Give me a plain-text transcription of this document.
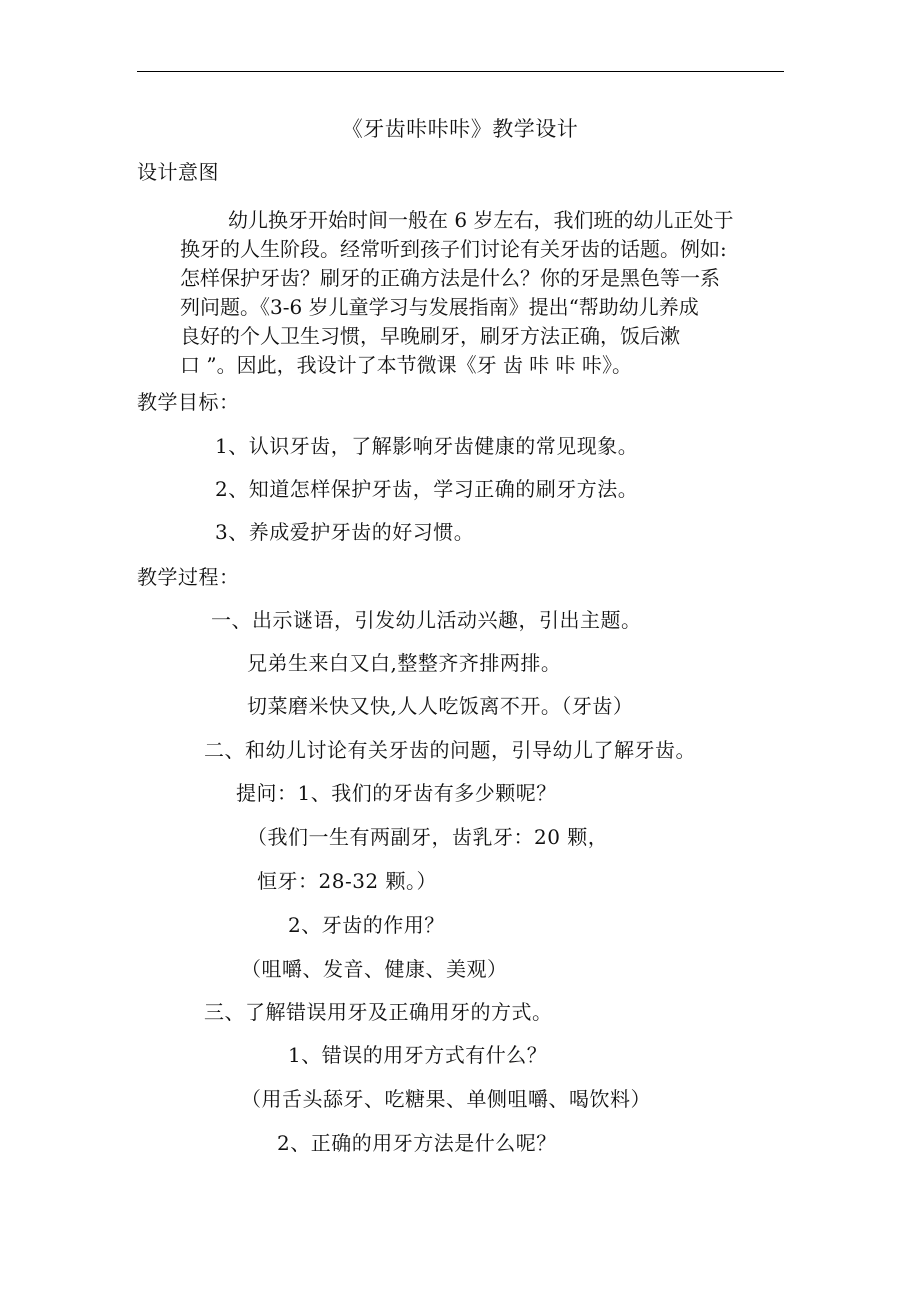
《牙齿咔咔咔》教学设计
设计意图
幼儿换牙开始时间一般在 6 岁左右，我们班的幼儿正处于
换牙的人生阶段。经常听到孩子们讨论有关牙齿的话题。例如:
怎样保护牙齿？刷牙的正确方法是什么？你的牙是黑色等一系
列问题。《3-6 岁儿童学习与发展指南》提出“帮助幼儿养成
良好的个人卫生习惯，早晚刷牙，刷牙方法正确，饭后漱
口 ”。因此，我设计了本节微课《牙 齿 咔 咔 咔》。
教学目标：
1、认识牙齿，了解影响牙齿健康的常见现象。
2、知道怎样保护牙齿，学习正确的刷牙方法。
3、养成爱护牙齿的好习惯。
教学过程：
一、出示谜语，引发幼儿活动兴趣，引出主题。
兄弟生来白又白,整整齐齐排两排。
切菜磨米快又快,人人吃饭离不开。（牙齿）
二、和幼儿讨论有关牙齿的问题，引导幼儿了解牙齿。
提问：1、我们的牙齿有多少颗呢？
（我们一生有两副牙，齿乳牙：20 颗，
恒牙：28-32 颗。）
2、牙齿的作用？
（咀嚼、发音、健康、美观）
三、了解错误用牙及正确用牙的方式。
1、错误的用牙方式有什么？
（用舌头舔牙、吃糖果、单侧咀嚼、喝饮料）
2、正确的用牙方法是什么呢？
